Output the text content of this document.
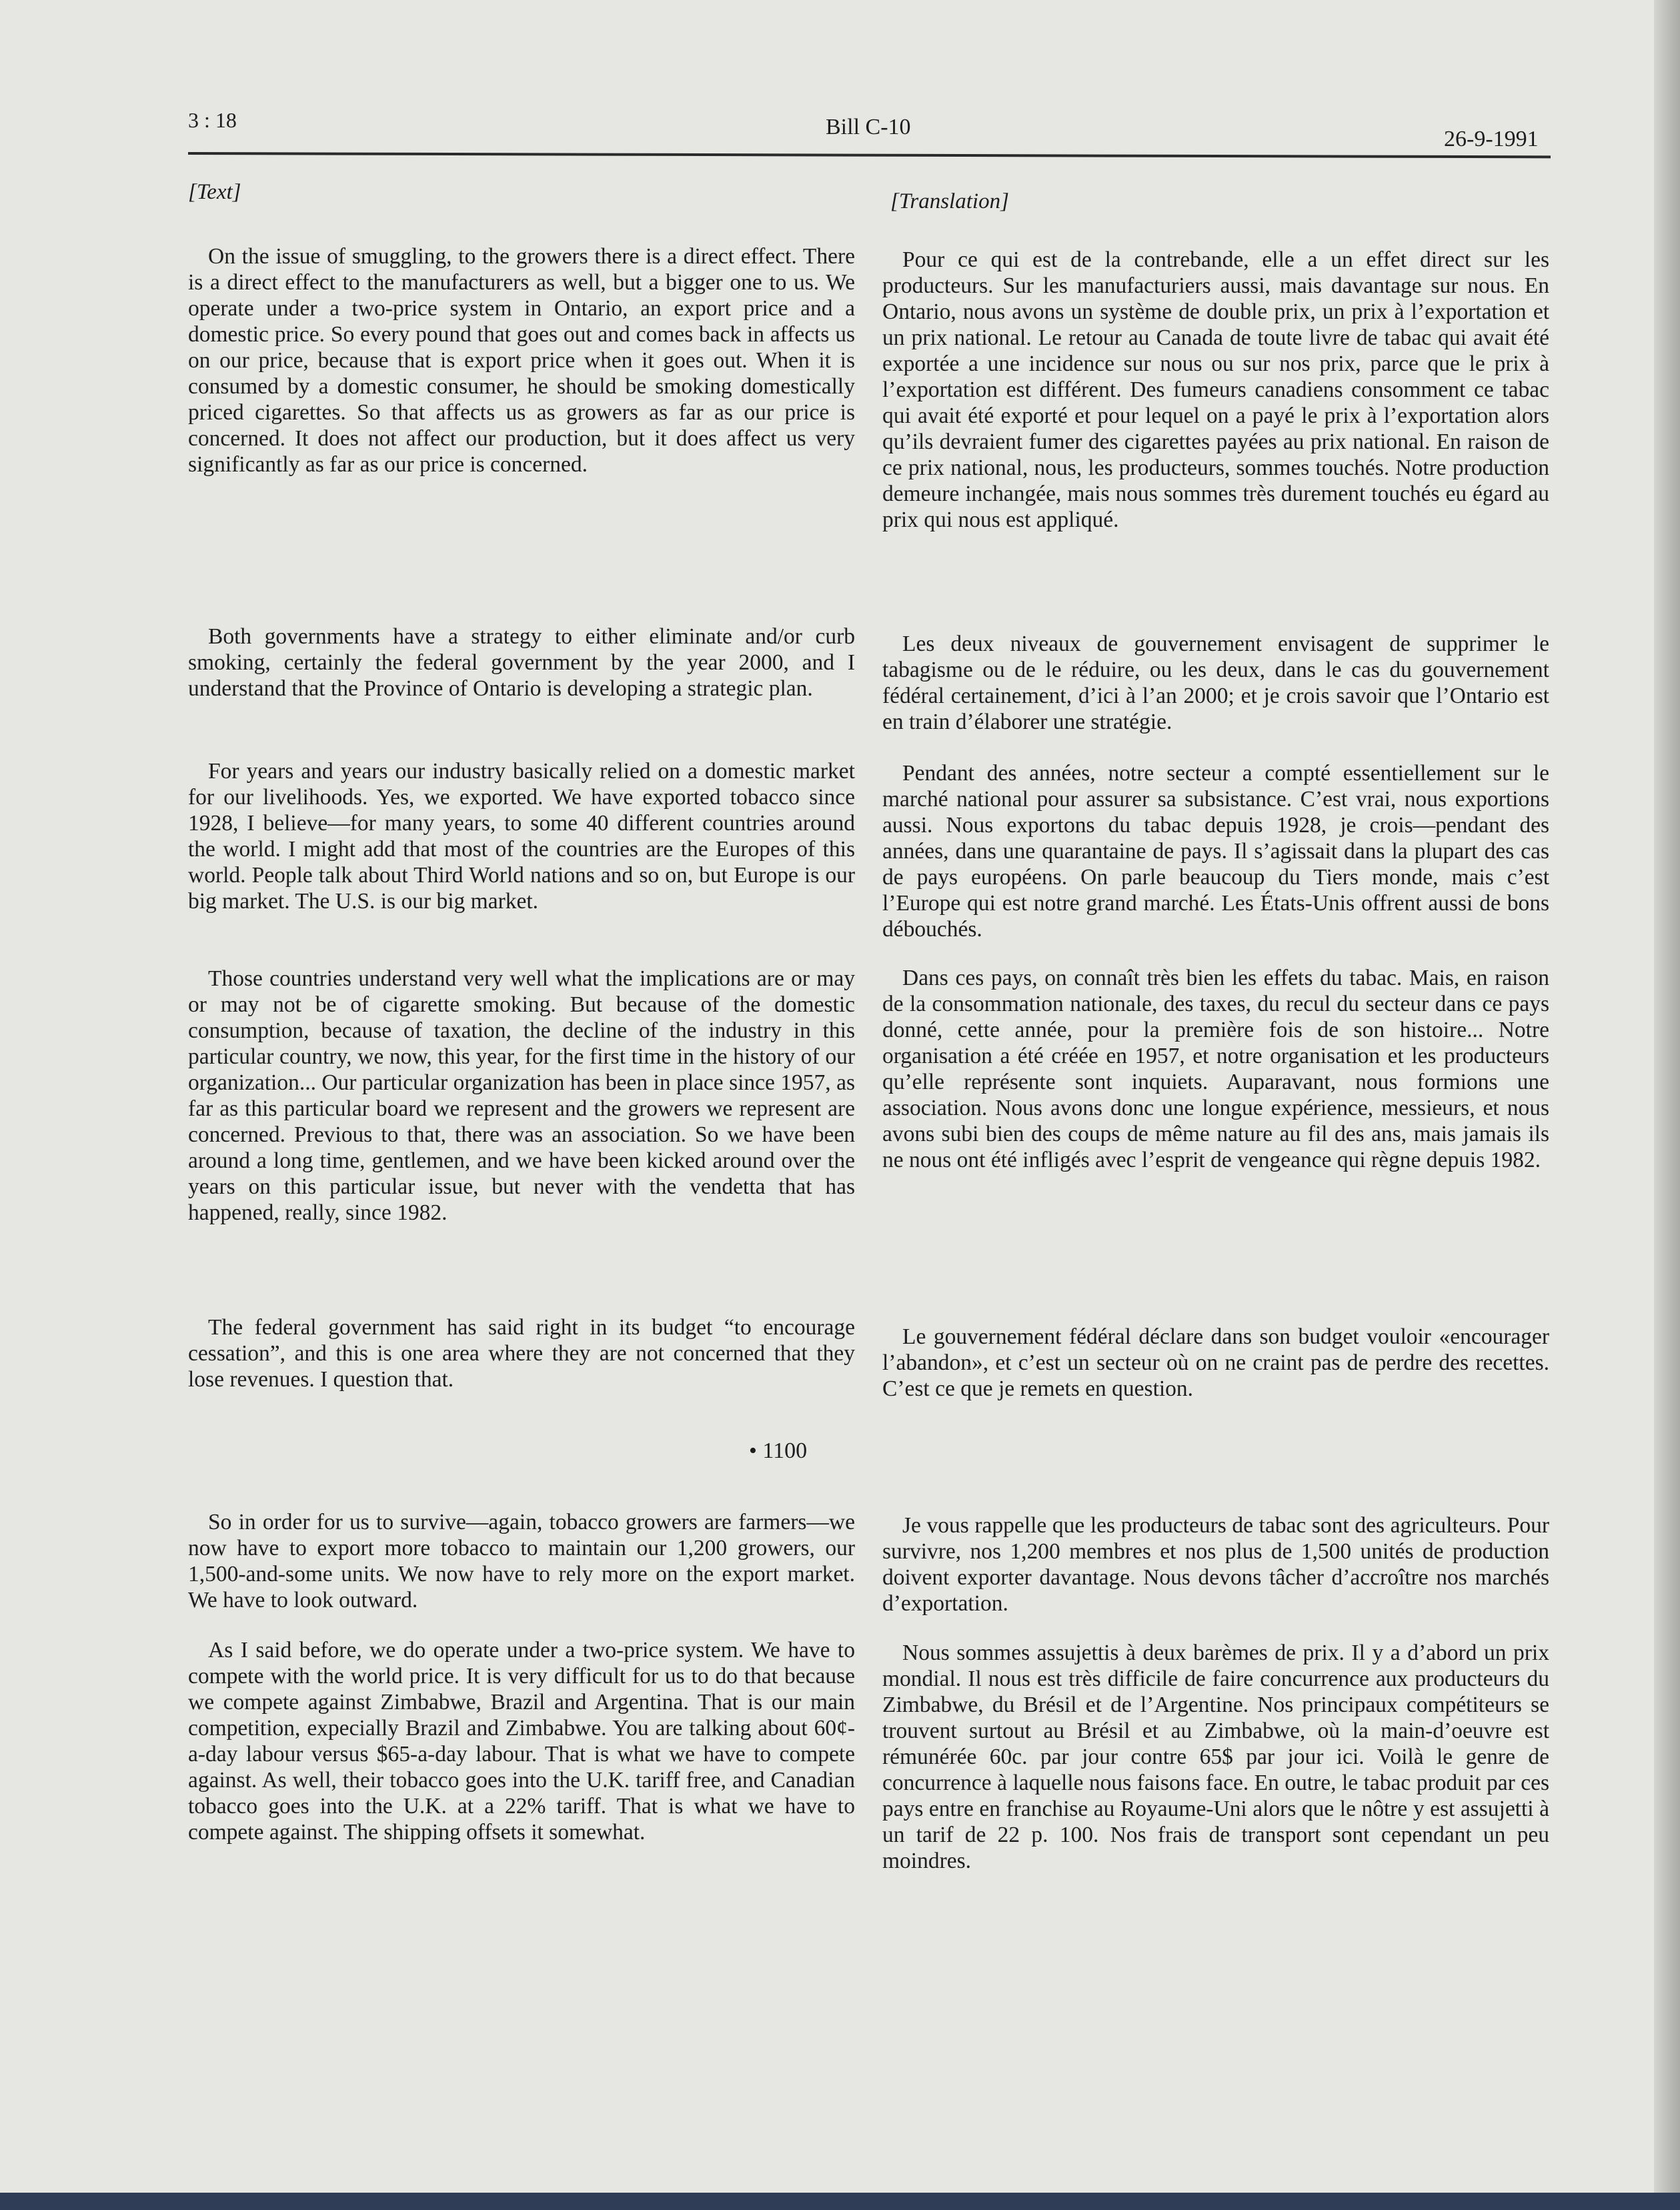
3 : 18	Bill C-10	26-9-1991
[Text]

On the issue of smuggling, to the growers there is a direct effect. There is a direct effect to the manufacturers as well, but a bigger one to us. We operate under a two-price system in Ontario, an export price and a domestic price. So every pound that goes out and comes back in affects us on our price, because that is export price when it goes out. When it is consumed by a domestic consumer, he should be smoking domestically priced cigarettes. So that affects us as growers as far as our price is concerned. It does not affect our production, but it does affect us very significantly as far as our price is concerned.

Both governments have a strategy to either eliminate and/or curb smoking, certainly the federal government by the year 2000, and I understand that the Province of Ontario is developing a strategic plan.

For years and years our industry basically relied on a domestic market for our livelihoods. Yes, we exported. We have exported tobacco since 1928, I believe—for many years, to some 40 different countries around the world. I might add that most of the countries are the Europes of this world. People talk about Third World nations and so on, but Europe is our big market. The U.S. is our big market.

Those countries understand very well what the implications are or may or may not be of cigarette smoking. But because of the domestic consumption, because of taxation, the decline of the industry in this particular country, we now, this year, for the first time in the history of our organization... Our particular organization has been in place since 1957, as far as this particular board we represent and the growers we represent are concerned. Previous to that, there was an association. So we have been around a long time, gentlemen, and we have been kicked around over the years on this particular issue, but never with the vendetta that has happened, really, since 1982.

The federal government has said right in its budget “to encourage cessation”, and this is one area where they are not concerned that they lose revenues. I question that.

• 1100

So in order for us to survive—again, tobacco growers are farmers—we now have to export more tobacco to maintain our 1,200 growers, our 1,500-and-some units. We now have to rely more on the export market. We have to look outward.

As I said before, we do operate under a two-price system. We have to compete with the world price. It is very difficult for us to do that because we compete against Zimbabwe, Brazil and Argentina. That is our main competition, expecially Brazil and Zimbabwe. You are talking about 60¢-a-day labour versus $65-a-day labour. That is what we have to compete against. As well, their tobacco goes into the U.K. tariff free, and Canadian tobacco goes into the U.K. at a 22% tariff. That is what we have to compete against. The shipping offsets it somewhat.

[Translation]

Pour ce qui est de la contrebande, elle a un effet direct sur les producteurs. Sur les manufacturiers aussi, mais davantage sur nous. En Ontario, nous avons un système de double prix, un prix à l’exportation et un prix national. Le retour au Canada de toute livre de tabac qui avait été exportée a une incidence sur nous ou sur nos prix, parce que le prix à l’exportation est différent. Des fumeurs canadiens consomment ce tabac qui avait été exporté et pour lequel on a payé le prix à l’exportation alors qu’ils devraient fumer des cigarettes payées au prix national. En raison de ce prix national, nous, les producteurs, sommes touchés. Notre production demeure inchangée, mais nous sommes très durement touchés eu égard au prix qui nous est appliqué.

Les deux niveaux de gouvernement envisagent de supprimer le tabagisme ou de le réduire, ou les deux, dans le cas du gouvernement fédéral certainement, d’ici à l’an 2000; et je crois savoir que l’Ontario est en train d’élaborer une stratégie.

Pendant des années, notre secteur a compté essentiellement sur le marché national pour assurer sa subsistance. C’est vrai, nous exportions aussi. Nous exportons du tabac depuis 1928, je crois—pendant des années, dans une quarantaine de pays. Il s’agissait dans la plupart des cas de pays européens. On parle beaucoup du Tiers monde, mais c’est l’Europe qui est notre grand marché. Les États-Unis offrent aussi de bons débouchés.

Dans ces pays, on connaît très bien les effets du tabac. Mais, en raison de la consommation nationale, des taxes, du recul du secteur dans ce pays donné, cette année, pour la première fois de son histoire... Notre organisation a été créée en 1957, et notre organisation et les producteurs qu’elle représente sont inquiets. Auparavant, nous formions une association. Nous avons donc une longue expérience, messieurs, et nous avons subi bien des coups de même nature au fil des ans, mais jamais ils ne nous ont été infligés avec l’esprit de vengeance qui règne depuis 1982.

Le gouvernement fédéral déclare dans son budget vouloir «encourager l’abandon», et c’est un secteur où on ne craint pas de perdre des recettes. C’est ce que je remets en question.

Je vous rappelle que les producteurs de tabac sont des agriculteurs. Pour survivre, nos 1,200 membres et nos plus de 1,500 unités de production doivent exporter davantage. Nous devons tâcher d’accroître nos marchés d’exportation.

Nous sommes assujettis à deux barèmes de prix. Il y a d’abord un prix mondial. Il nous est très difficile de faire concurrence aux producteurs du Zimbabwe, du Brésil et de l’Argentine. Nos principaux compétiteurs se trouvent surtout au Brésil et au Zimbabwe, où la main-d’oeuvre est rémunérée 60c. par jour contre 65$ par jour ici. Voilà le genre de concurrence à laquelle nous faisons face. En outre, le tabac produit par ces pays entre en franchise au Royaume-Uni alors que le nôtre y est assujetti à un tarif de 22 p. 100. Nos frais de transport sont cependant un peu moindres.
